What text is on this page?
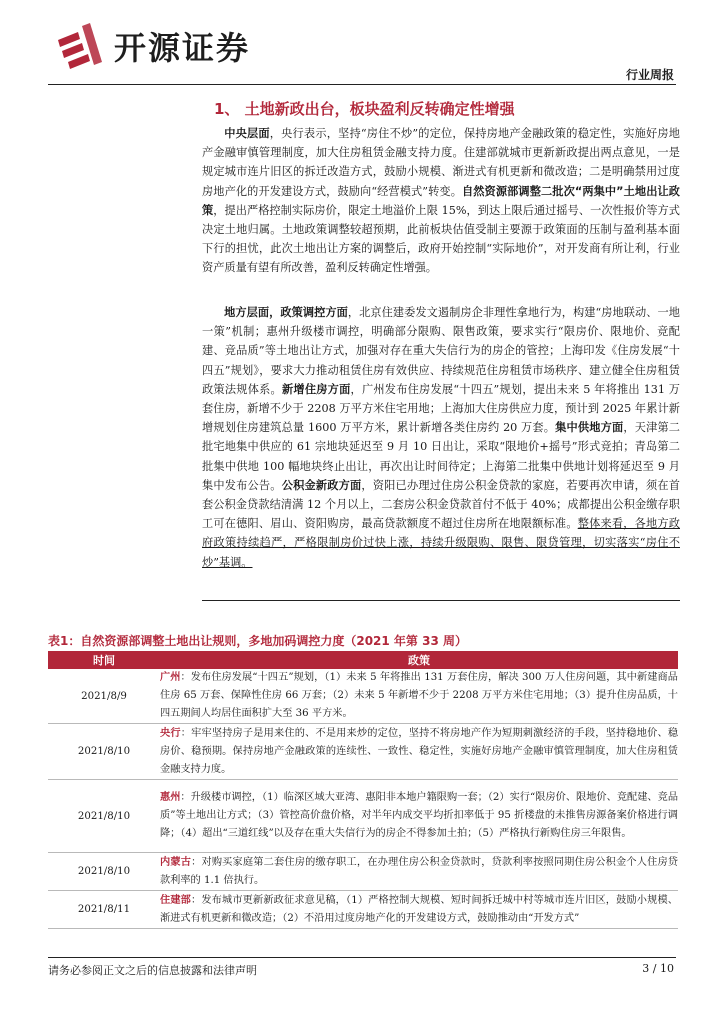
开源证券
行业周报
1、 土地新政出台，板块盈利反转确定性增强

中央层面，央行表示，坚持“房住不炒”的定位，保持房地产金融政策的稳定性，实施好房地产金融审慎管理制度，加大住房租赁金融支持力度。住建部就城市更新新政提出两点意见，一是规定城市连片旧区的拆迁改造方式，鼓励小规模、渐进式有机更新和微改造；二是明确禁用过度房地产化的开发建设方式，鼓励向“经营模式”转变。自然资源部调整二批次“两集中”土地出让政策，提出严格控制实际房价，限定土地溢价上限 15%，到达上限后通过摇号、一次性报价等方式决定土地归属。土地政策调整较超预期，此前板块估值受制主要源于政策面的压制与盈利基本面下行的担忧，此次土地出让方案的调整后，政府开始控制“实际地价”，对开发商有所让利，行业资产质量有望有所改善，盈利反转确定性增强。

地方层面，政策调控方面，北京住建委发文遏制房企非理性拿地行为，构建“房地联动、一地一策”机制；惠州升级楼市调控，明确部分限购、限售政策，要求实行“限房价、限地价、竞配建、竞品质”等土地出让方式，加强对存在重大失信行为的房企的管控；上海印发《住房发展“十四五”规划》，要求大力推动租赁住房有效供应、持续规范住房租赁市场秩序、建立健全住房租赁政策法规体系。新增住房方面，广州发布住房发展“十四五”规划，提出未来 5 年将推出 131 万套住房，新增不少于 2208 万平方米住宅用地；上海加大住房供应力度，预计到 2025 年累计新增规划住房建筑总量 1600 万平方米，累计新增各类住房约 20 万套。集中供地方面，天津第二批宅地集中供应的 61 宗地块延迟至 9 月 10 日出让，采取“限地价+摇号”形式竞拍；青岛第二批集中供地 100 幅地块终止出让，再次出让时间待定；上海第二批集中供地计划将延迟至 9 月集中发布公告。公积金新政方面，资阳已办理过住房公积金贷款的家庭，若要再次申请，须在首套公积金贷款结清满 12 个月以上，二套房公积金贷款首付不低于 40%；成都提出公积金缴存职工可在德阳、眉山、资阳购房，最高贷款额度不超过住房所在地限额标准。整体来看，各地方政府政策持续趋严，严格限制房价过快上涨，持续升级限购、限售、限贷管理，切实落实“房住不炒”基调。

表1：自然资源部调整土地出让规则，多地加码调控力度（2021 年第 33 周）
时间	政策
2021/8/9	广州：发布住房发展“十四五”规划，（1）未来 5 年将推出 131 万套住房，解决 300 万人住房问题，其中新建商品住房 65 万套、保障性住房 66 万套；（2）未来 5 年新增不少于 2208 万平方米住宅用地；（3）提升住房品质，十四五期间人均居住面积扩大至 36 平方米。
2021/8/10	央行：牢牢坚持房子是用来住的、不是用来炒的定位，坚持不将房地产作为短期刺激经济的手段，坚持稳地价、稳房价、稳预期。保持房地产金融政策的连续性、一致性、稳定性，实施好房地产金融审慎管理制度，加大住房租赁金融支持力度。
2021/8/10	惠州：升级楼市调控，（1）临深区域大亚湾、惠阳非本地户籍限购一套；（2）实行“限房价、限地价、竞配建、竞品质”等土地出让方式；（3）管控高价盘价格，对半年内成交平均折扣率低于 95 折楼盘的未推售房源备案价格进行调降；（4）超出“三道红线”以及存在重大失信行为的房企不得参加土拍；（5）严格执行新购住房三年限售。
2021/8/10	内蒙古：对购买家庭第二套住房的缴存职工，在办理住房公积金贷款时，贷款利率按照同期住房公积金个人住房贷款利率的 1.1 倍执行。
2021/8/11	住建部：发布城市更新新政征求意见稿，（1）严格控制大规模、短时间拆迁城中村等城市连片旧区，鼓励小规模、渐进式有机更新和微改造；（2）不沿用过度房地产化的开发建设方式，鼓励推动由“开发方式”
请务必参阅正文之后的信息披露和法律声明	3 / 10
